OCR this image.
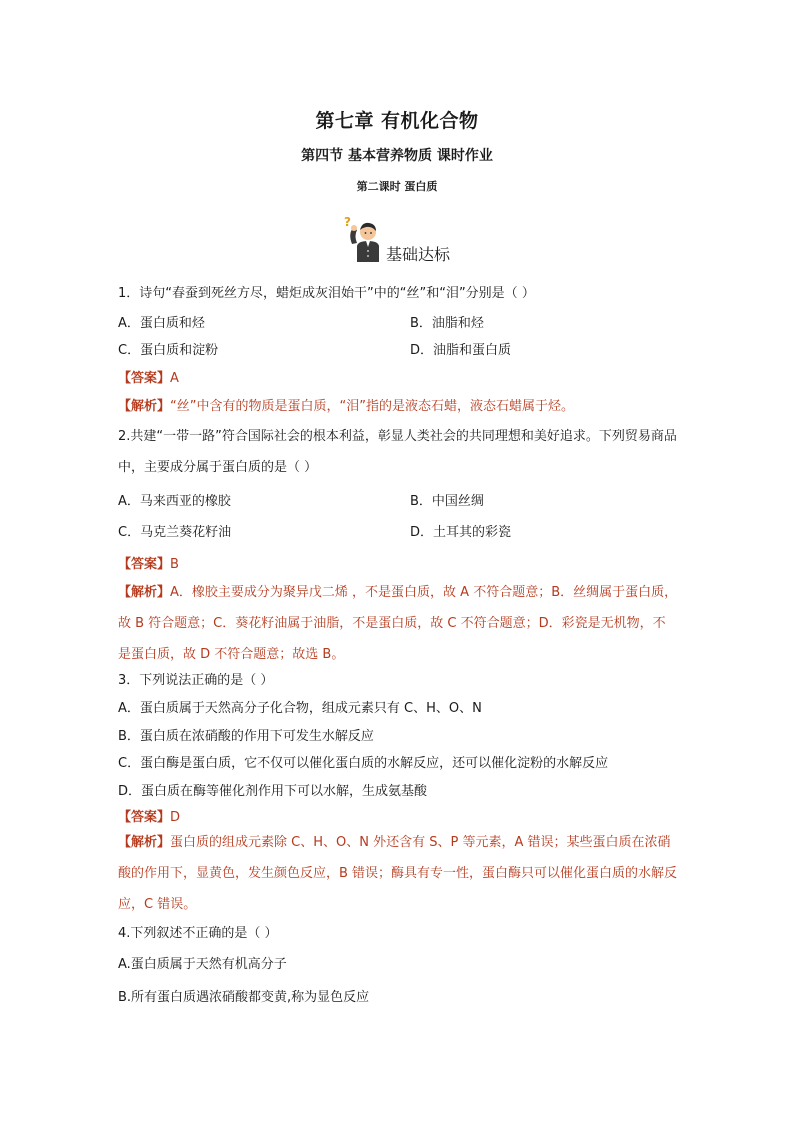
第七章 有机化合物
第四节 基本营养物质 课时作业
第二课时 蛋白质
?
基础达标
1．诗句“春蚕到死丝方尽，蜡炬成灰泪始干”中的“丝”和“泪”分别是（ ）
A．蛋白质和烃	B．油脂和烃
C．蛋白质和淀粉	D．油脂和蛋白质
【答案】A
【解析】“丝”中含有的物质是蛋白质，“泪”指的是液态石蜡，液态石蜡属于烃。
2.共建“一带一路”符合国际社会的根本利益，彰显人类社会的共同理想和美好追求。下列贸易商品中，主要成分属于蛋白质的是（ ）
A．马来西亚的橡胶	B．中国丝绸
C．马克兰葵花籽油	D．土耳其的彩瓷
【答案】B
【解析】A．橡胶主要成分为聚异戊二烯 ，不是蛋白质，故 A 不符合题意；B．丝绸属于蛋白质，故 B 符合题意；C．葵花籽油属于油脂，不是蛋白质，故 C 不符合题意；D．彩瓷是无机物，不是蛋白质，故 D 不符合题意；故选 B。
3．下列说法正确的是（ ）
A．蛋白质属于天然高分子化合物，组成元素只有 C、H、O、N
B．蛋白质在浓硝酸的作用下可发生水解反应
C．蛋白酶是蛋白质，它不仅可以催化蛋白质的水解反应，还可以催化淀粉的水解反应
D．蛋白质在酶等催化剂作用下可以水解，生成氨基酸
【答案】D
【解析】蛋白质的组成元素除 C、H、O、N 外还含有 S、P 等元素，A 错误；某些蛋白质在浓硝酸的作用下，显黄色，发生颜色反应，B 错误；酶具有专一性，蛋白酶只可以催化蛋白质的水解反应，C 错误。
4.下列叙述不正确的是（ ）
A.蛋白质属于天然有机高分子
B.所有蛋白质遇浓硝酸都变黄,称为显色反应
